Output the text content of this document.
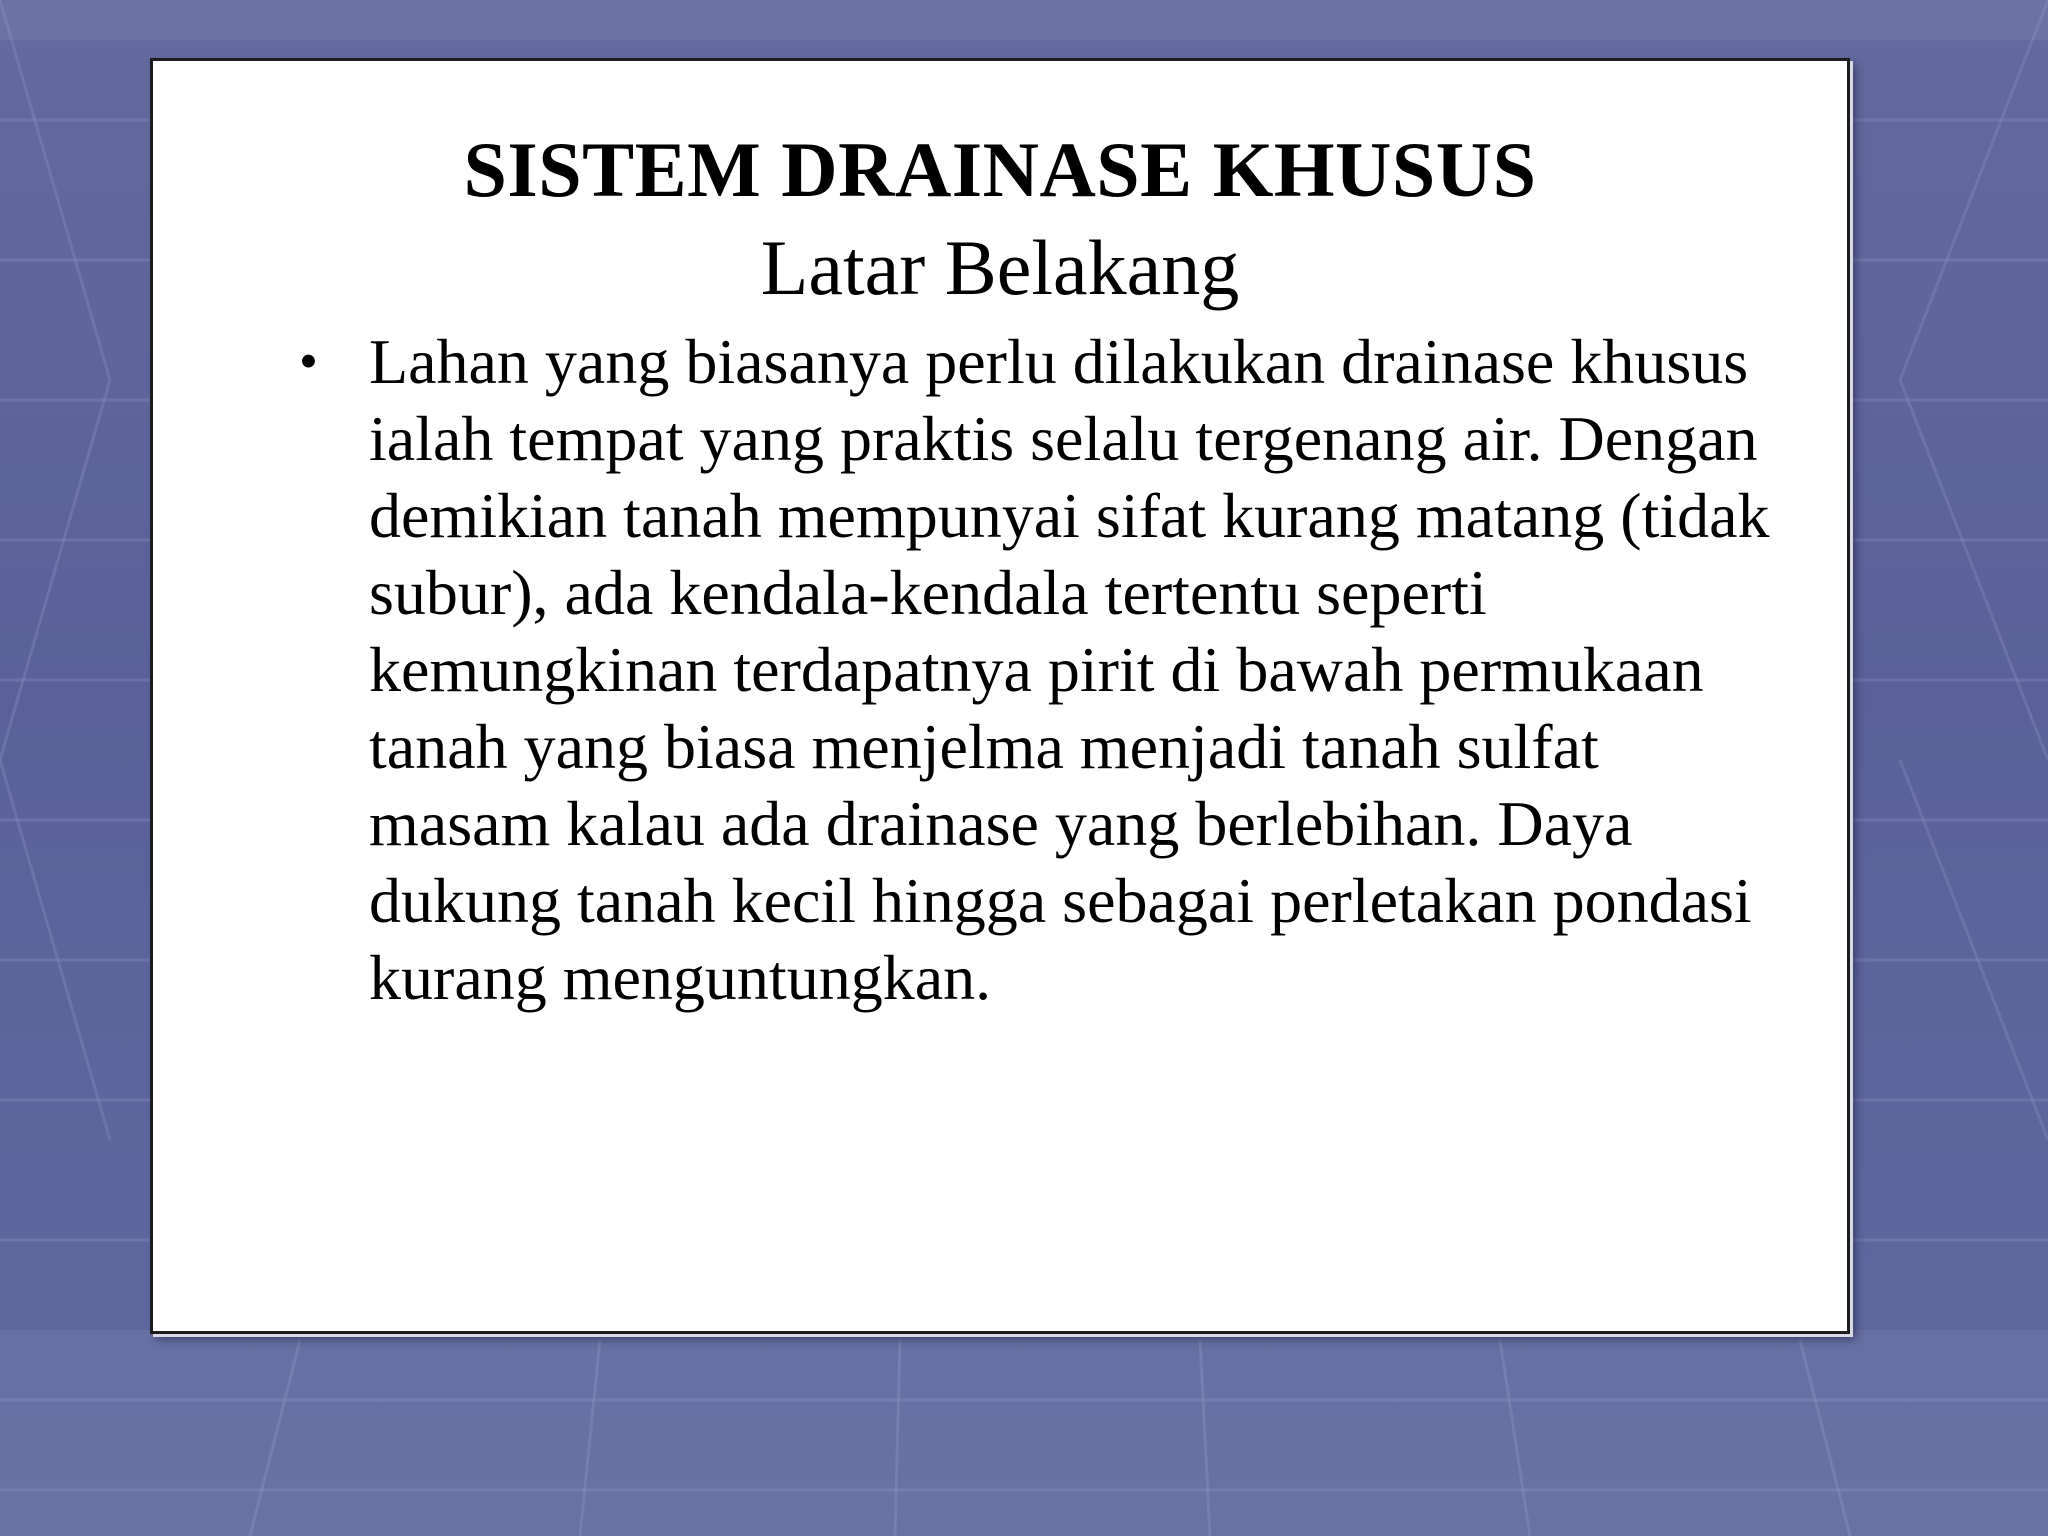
SISTEM DRAINASE KHUSUS
Latar Belakang
• Lahan yang biasanya perlu dilakukan drainase khusus ialah tempat yang praktis selalu tergenang air. Dengan demikian tanah mempunyai sifat kurang matang (tidak subur), ada kendala-kendala tertentu seperti kemungkinan terdapatnya pirit di bawah permukaan tanah yang biasa menjelma menjadi tanah sulfat masam kalau ada drainase yang berlebihan. Daya dukung tanah kecil hingga sebagai perletakan pondasi kurang menguntungkan.
